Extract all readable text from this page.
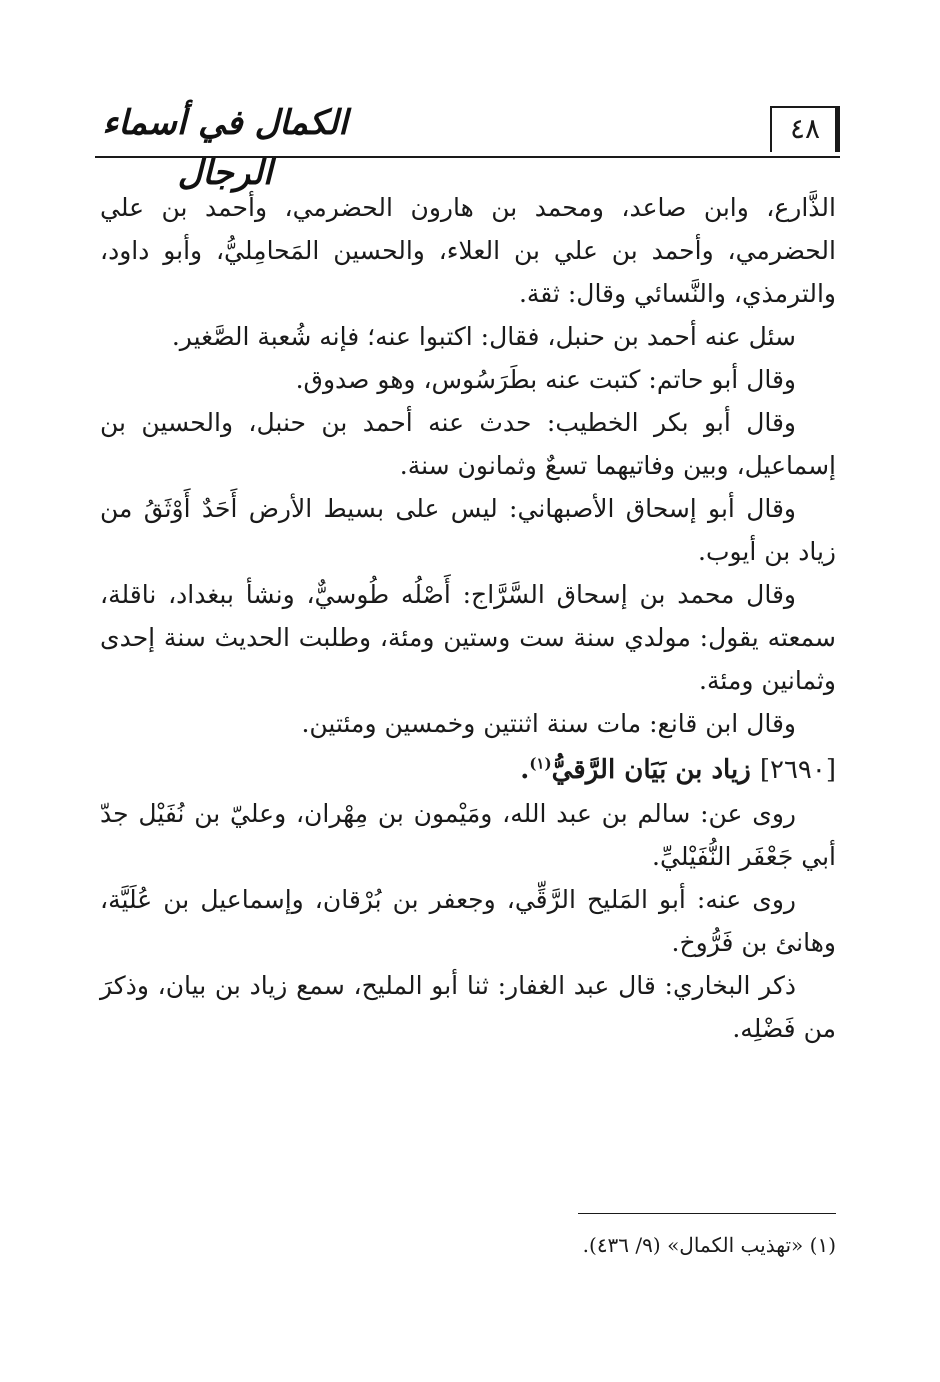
الكمال في أسماء الرجال
٤٨

الذَّارع، وابن صاعد، ومحمد بن هارون الحضرمي، وأحمد بن علي الحضرمي، وأحمد بن علي بن العلاء، والحسين المَحامِليُّ، وأبو داود، والترمذي، والنَّسائي وقال: ثقة.

سئل عنه أحمد بن حنبل، فقال: اكتبوا عنه؛ فإنه شُعبة الصَّغير.

وقال أبو حاتم: كتبت عنه بطَرَسُوس، وهو صدوق.

وقال أبو بكر الخطيب: حدث عنه أحمد بن حنبل، والحسين بن إسماعيل، وبين وفاتيهما تسعٌ وثمانون سنة.

وقال أبو إسحاق الأصبهاني: ليس على بسيط الأرض أَحَدٌ أَوْثَقُ من زياد بن أيوب.

وقال محمد بن إسحاق السَّرَّاج: أَصْلُه طُوسيٌّ، ونشأ ببغداد، ناقلة، سمعته يقول: مولدي سنة ست وستين ومئة، وطلبت الحديث سنة إحدى وثمانين ومئة.

وقال ابن قانع: مات سنة اثنتين وخمسين ومئتين.

[٢٦٩٠] زياد بن بَيَان الرَّقيُّ$^{(١)}$.

روى عن: سالم بن عبد الله، ومَيْمون بن مِهْران، وعليّ بن نُفَيْل جدّ أبي جَعْفَر النُّفَيْليِّ.

روى عنه: أبو المَليح الرَّقِّي، وجعفر بن بُرْقان، وإسماعيل بن عُلَيَّة، وهانئ بن فَرُّوخ.

ذكر البخاري: قال عبد الغفار: ثنا أبو المليح، سمع زياد بن بيان، وذكرَ من فَضْلِه.

(١) «تهذيب الكمال» (٩/ ٤٣٦).
